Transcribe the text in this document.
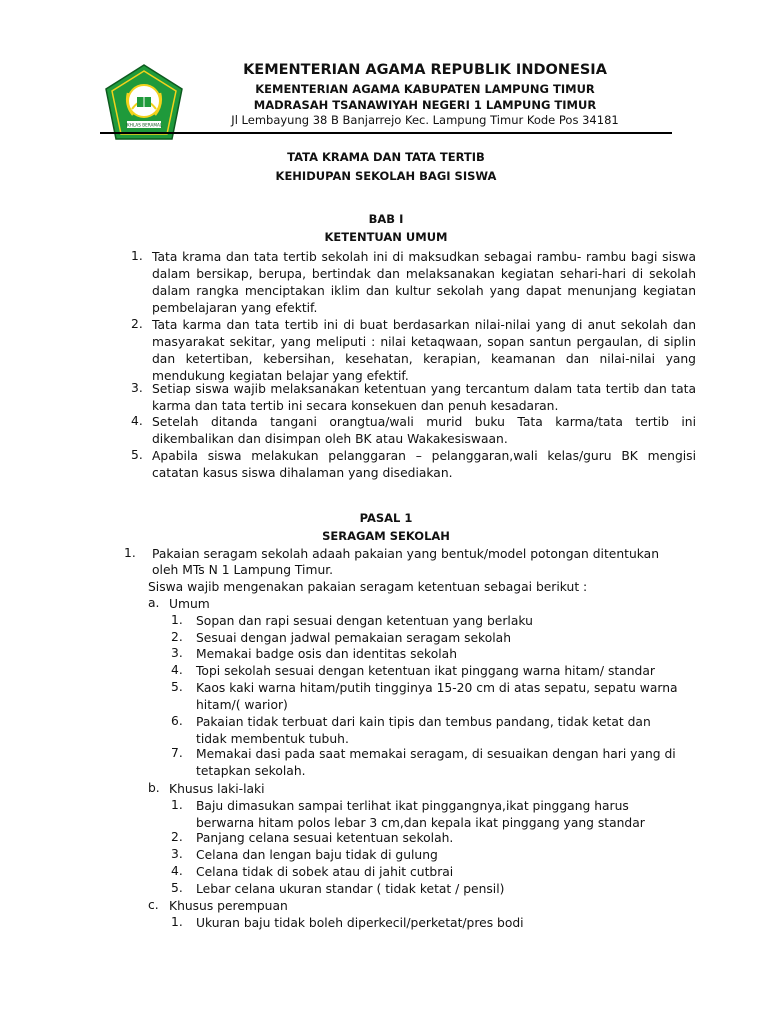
IKHLAS BERAMAL
KEMENTERIAN AGAMA REPUBLIK INDONESIA
KEMENTERIAN AGAMA KABUPATEN LAMPUNG TIMUR
MADRASAH TSANAWIYAH NEGERI 1 LAMPUNG TIMUR
Jl Lembayung 38 B Banjarrejo Kec. Lampung Timur Kode Pos 34181
TATA KRAMA DAN TATA TERTIB
KEHIDUPAN SEKOLAH BAGI SISWA
BAB I
KETENTUAN UMUM
1. Tata krama dan tata tertib sekolah ini di maksudkan sebagai rambu- rambu bagi siswa dalam bersikap, berupa, bertindak dan melaksanakan kegiatan sehari-hari di sekolah dalam rangka menciptakan iklim dan kultur sekolah yang dapat menunjang kegiatan pembelajaran yang efektif.
2. Tata karma dan tata tertib ini di buat berdasarkan nilai-nilai yang di anut sekolah dan masyarakat sekitar, yang meliputi : nilai ketaqwaan, sopan santun pergaulan, di siplin dan ketertiban, kebersihan, kesehatan, kerapian, keamanan dan nilai-nilai yang mendukung kegiatan belajar yang efektif.
3. Setiap siswa wajib melaksanakan ketentuan yang tercantum dalam tata tertib dan tata karma dan tata tertib ini secara konsekuen dan penuh kesadaran.
4. Setelah ditanda tangani orangtua/wali murid buku Tata karma/tata tertib ini dikembalikan dan disimpan oleh BK atau Wakakesiswaan.
5. Apabila siswa melakukan pelanggaran – pelanggaran,wali kelas/guru BK mengisi catatan kasus siswa dihalaman yang disediakan.
PASAL 1
SERAGAM SEKOLAH
1. Pakaian seragam sekolah adaah pakaian yang bentuk/model potongan ditentukan
oleh MTs N 1 Lampung Timur.
Siswa wajib mengenakan pakaian seragam ketentuan sebagai berikut :
a. Umum
1. Sopan dan rapi sesuai dengan ketentuan yang berlaku
2. Sesuai dengan jadwal pemakaian seragam sekolah
3. Memakai badge osis dan identitas sekolah
4. Topi sekolah sesuai dengan ketentuan ikat pinggang warna hitam/ standar
5. Kaos kaki warna hitam/putih tingginya 15-20 cm di atas sepatu, sepatu warna
hitam/( warior)
6. Pakaian tidak terbuat dari kain tipis dan tembus pandang, tidak ketat dan
tidak membentuk tubuh.
7. Memakai dasi pada saat memakai seragam, di sesuaikan dengan hari yang di
tetapkan sekolah.
b. Khusus laki-laki
1. Baju dimasukan sampai terlihat ikat pinggangnya,ikat pinggang harus
berwarna hitam polos lebar 3 cm,dan kepala ikat pinggang yang standar
2. Panjang celana sesuai ketentuan sekolah.
3. Celana dan lengan baju tidak di gulung
4. Celana tidak di sobek atau di jahit cutbrai
5. Lebar celana ukuran standar ( tidak ketat / pensil)
c. Khusus perempuan
1. Ukuran baju tidak boleh diperkecil/perketat/pres bodi
